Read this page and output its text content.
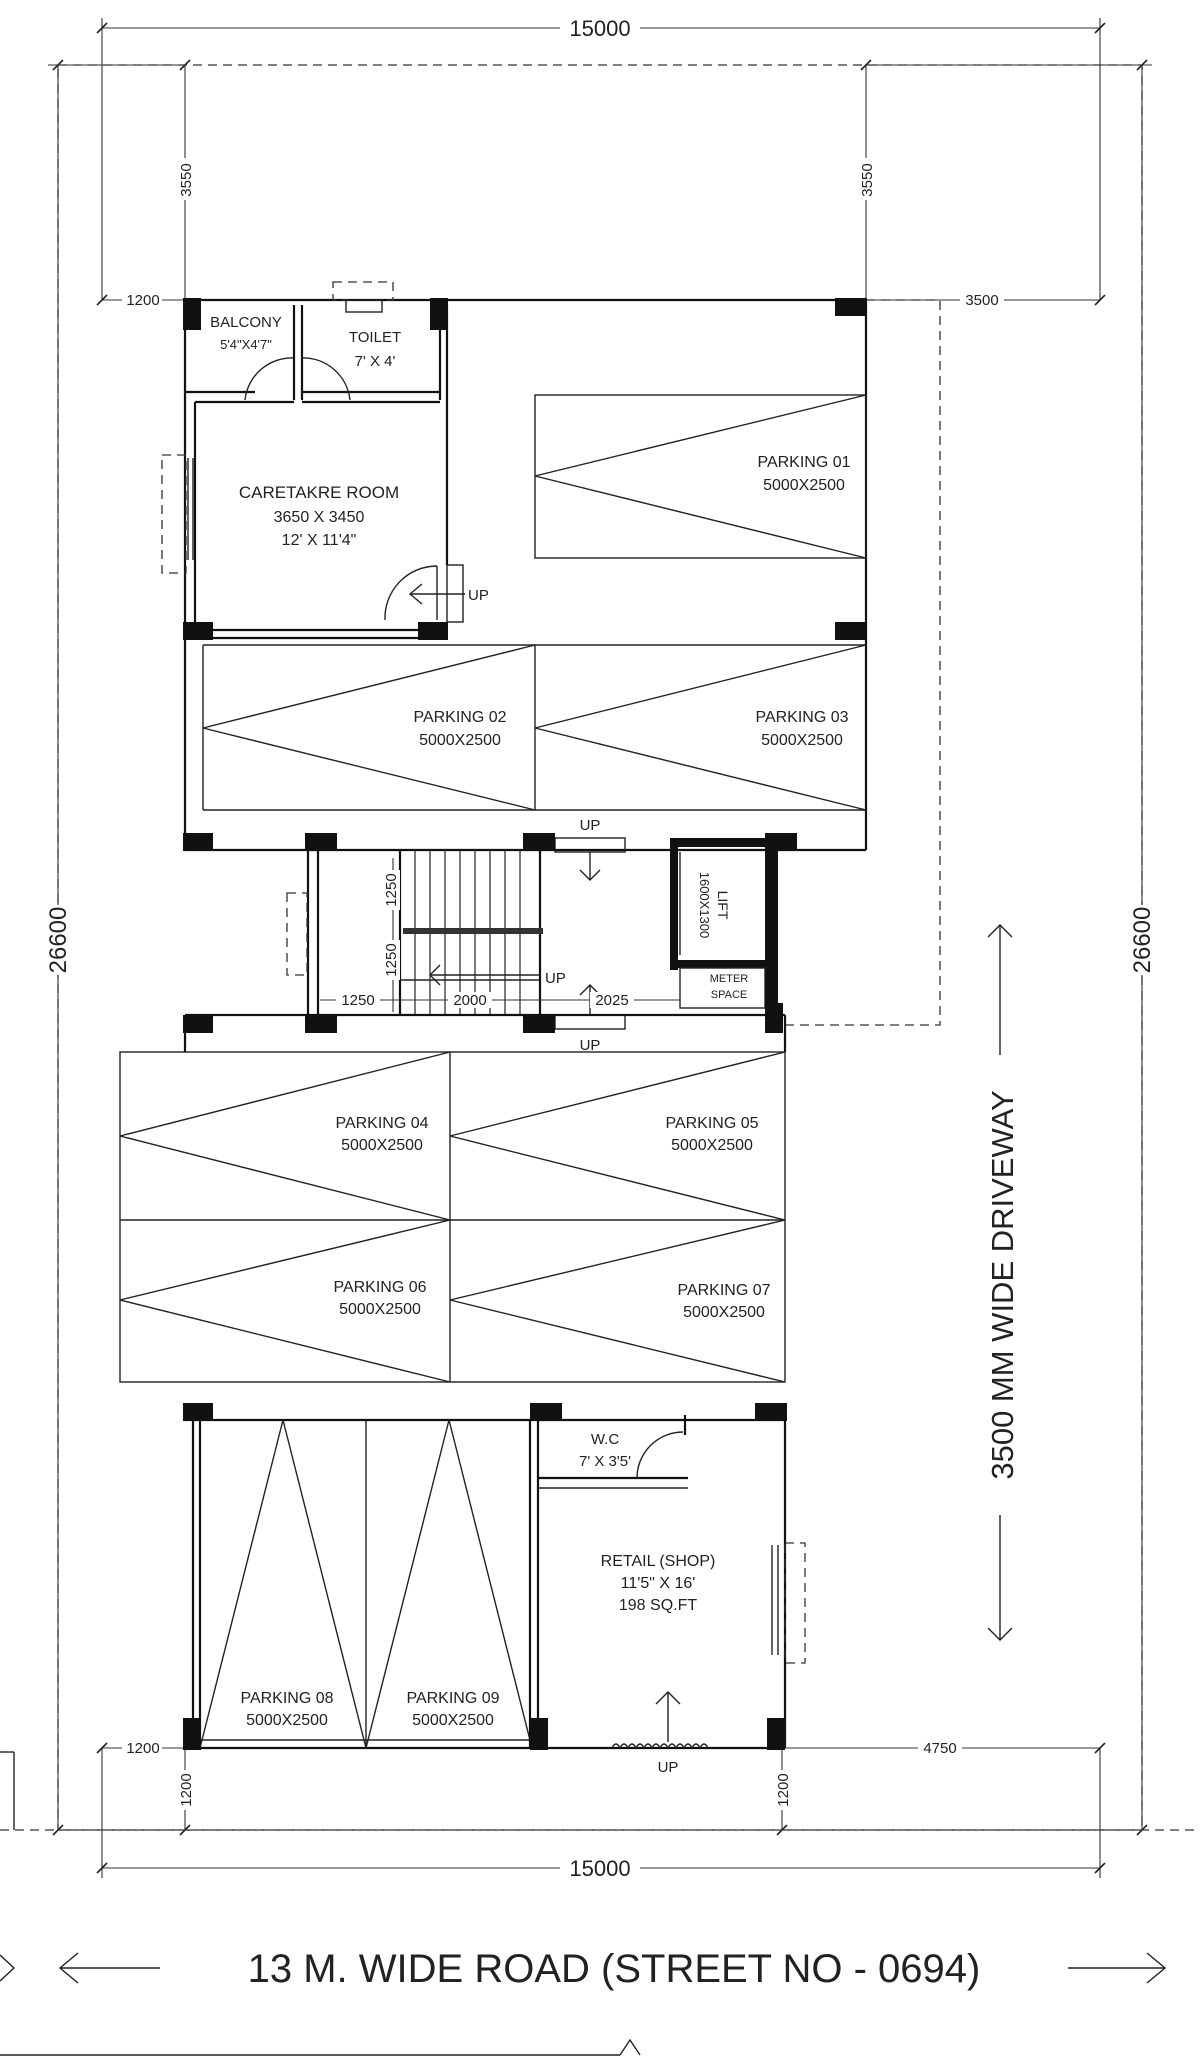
15000
15000
26600	26600
3550	3550
1200	3500
1200	4750
1200	1200
BALCONY
5'4"X4'7"	TOILET
7' X 4'
CARETAKRE ROOM
3650 X 3450
12' X 11'4"
UP
PARKING 01
5000X2500
PARKING 02
5000X2500
PARKING 03
5000X2500
UP
UP
UP
LIFT
1600X1300
METER
SPACE
1250
1250
1250	2000	2025
PARKING 04
5000X2500
PARKING 05
5000X2500
PARKING 06
5000X2500
PARKING 07
5000X2500
PARKING 08
5000X2500
PARKING 09
5000X2500
W.C
7' X 3'5'
RETAIL (SHOP)
11'5" X 16'
198 SQ.FT
UP
3500 MM WIDE DRIVEWAY
13 M. WIDE ROAD (STREET NO - 0694)
